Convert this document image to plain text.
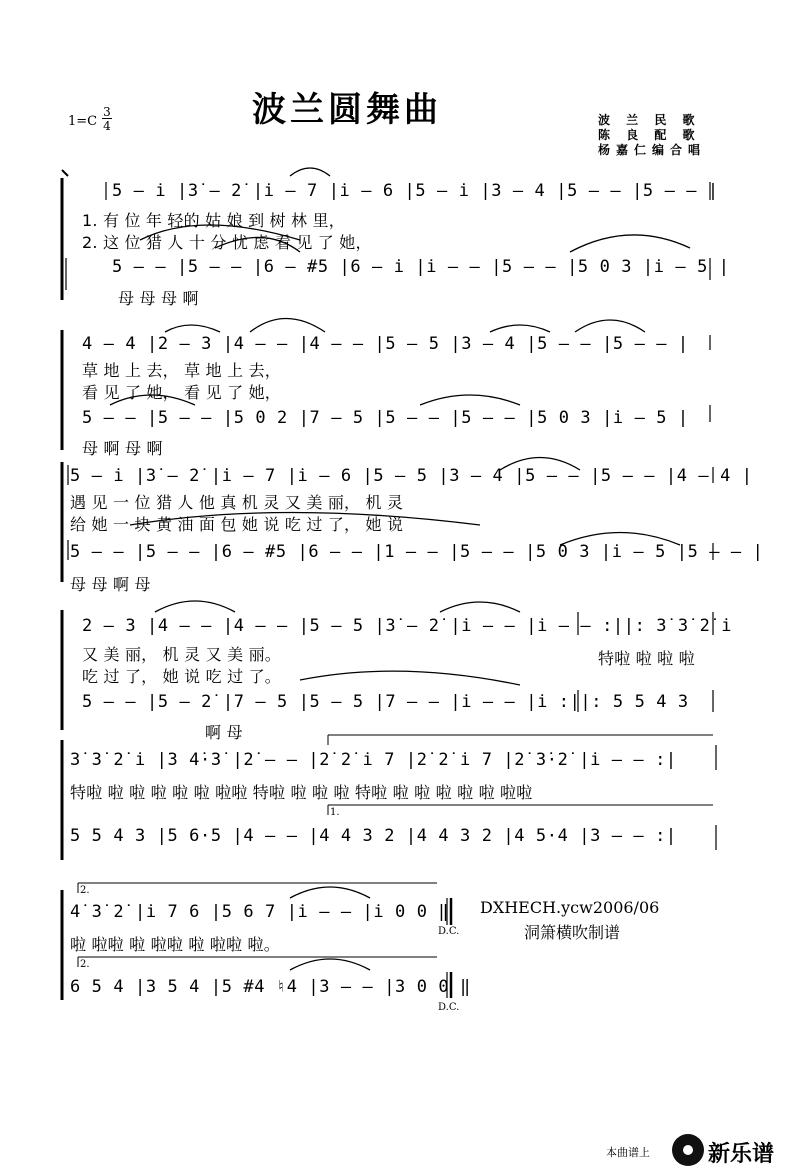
1=C
3
4	波兰圆舞曲	波 兰 民 歌
陈 良 配 歌
杨嘉仁编合唱
5 – i̇ |3̇ – 2̇ |i̇ – 7 |i̇ – 6 |5 – i̇ |3 – 4 |5 – – |5 – – |
1. 有 位 年 轻的 姑 娘 到 树 林 里，
2. 这 位 猎 人 十 分 忧 虑 看 见 了 她，
5 – – |5 – – |6 – #5 |6 – i̇ |i̇ – – |5 – – |5 0 3 |i̇ – 5 |
母 母 母 啊
4 – 4 |2 – 3 |4 – – |4 – – |5 – 5 |3 – 4 |5 – – |5 – – |
草 地 上 去， 草 地 上 去，
看 见 了 她， 看 见 了 她，
5 – – |5 – – |5 0 2 |7 – 5 |5 – – |5 – – |5 0 3 |i̇ – 5 |
母 啊 母 啊
5 – i̇ |3̇ – 2̇ |i̇ – 7 |i̇ – 6 |5 – 5 |3 – 4 |5 – – |5 – – |4 – 4 |
遇 见 一 位 猎 人 他 真 机 灵 又 美 丽， 机 灵
给 她 一 块 黄 油 面 包 她 说 吃 过 了， 她 说
5 – – |5 – – |6 – #5 |6 – – |1 – – |5 – – |5 0 3 |i̇ – 5 |5 – – |
母 母 啊 母
2 – 3 |4 – – |4 – – |5 – 5 |3̇ – 2̇ |i̇ – – |i̇ – – :||: 3̇ 3̇ 2̇ i̇
又 美 丽， 机 灵 又 美 丽。	特啦 啦 啦 啦
吃 过 了， 她 说 吃 过 了。
5 – – |5 – 2̇ |7 – 5 |5 – 5 |7 – – |i̇ – – |i̇ :||: 5 5 4 3
啊 母
3̇ 3̇ 2̇ i̇ |3 4̇·3̇ |2̇ – – |2̇ 2̇ i̇ 7 |2̇ 2̇ i̇ 7 |2̇ 3̇·2̇ |i̇ – – :|
特啦 啦 啦 啦 啦 啦 啦啦 特啦 啦 啦 啦 特啦 啦 啦 啦 啦 啦 啦啦
1.
5 5 4 3 |5 6·5 |4 – – |4 4 3 2 |4 4 3 2 |4 5·4 |3 – – :|
2.
4̇ 3̇ 2̇ |i̇ 7 6 |5 6 7 |i̇ – – |i̇ 0 0 ‖
D.C.
啦 啦啦 啦 啦啦 啦 啦啦 啦。
2.
6 5 4 |3 5 4 |5 #4 ♮4 |3 – – |3 0 0 ‖
D.C.
DXHECH.ycw2006/06
洞箫横吹制谱
本曲谱上	新乐谱
